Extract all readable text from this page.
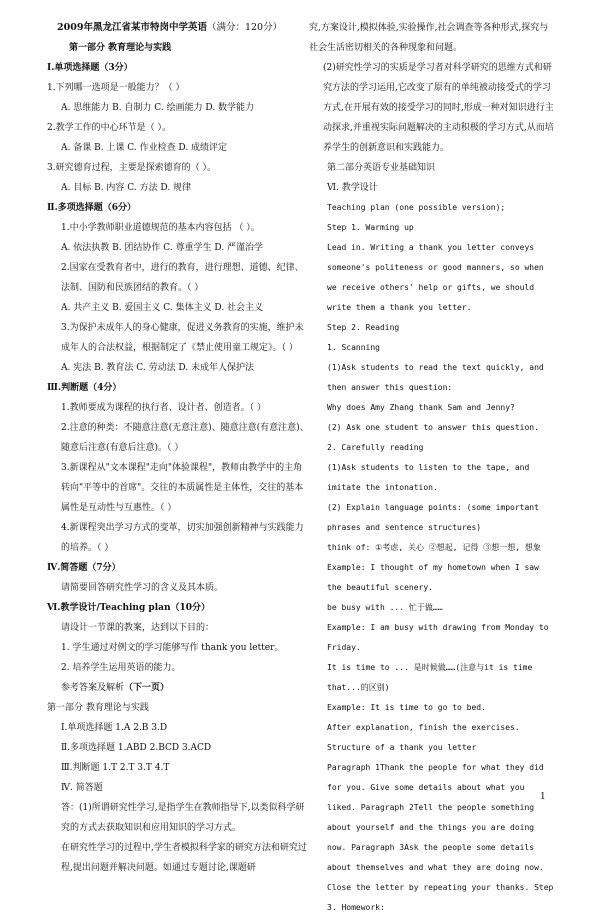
2009年黑龙江省某市特岗中学英语（满分：120分）
第一部分 教育理论与实践
I.单项选择题（3分）
1.下列哪一选项是一般能力？（ ）
A. 思维能力 B. 自制力 C. 绘画能力 D. 数学能力
2.教学工作的中心环节是（ ）。
A. 备课 B. 上课 C. 作业检查 D. 成绩评定
3.研究德育过程，主要是探索德育的（ ）。
A. 目标 B. 内容 C. 方法 D. 规律
Ⅱ.多项选择题（6分）
1.中小学教师职业道德规范的基本内容包括 （ ）。
A. 依法执教 B. 团结协作 C. 尊重学生 D. 严谨治学
2.国家在受教育者中，进行的教育，进行理想、道德、纪律、法制、国防和民族团结的教育。（ ）
A. 共产主义 B. 爱国主义 C. 集体主义 D. 社会主义
3.为保护未成年人的身心健康，促进义务教育的实施，维护未成年人的合法权益，根据制定了《禁止使用童工规定》。（ ）
A. 宪法 B. 教育法 C. 劳动法 D. 未成年人保护法
Ⅲ.判断题（4分）
1.教师要成为课程的执行者、设计者、创造者。（ ）
2.注意的种类：不随意注意(无意注意)、随意注意(有意注意)、随意后注意(有意后注意)。（ ）
3.新课程从"文本课程"走向"体验课程"，教师由教学中的主角转向"平等中的首席"。交往的本质属性是主体性，交往的基本属性是互动性与互惠性。（ ）
4.新课程突出学习方式的变革，切实加强创新精神与实践能力的培养。（ ）
Ⅳ.简答题（7分）
请简要回答研究性学习的含义及其本质。
Ⅵ.教学设计/Teaching plan（10分）
请设计一节课的教案，达到以下目的：
1. 学生通过对例文的学习能够写作 thank you letter。
2. 培养学生运用英语的能力。
参考答案及解析（下一页）
第一部分 教育理论与实践
Ⅰ.单项选择题 1.A 2.B 3.D
Ⅱ.多项选择题 1.ABD 2.BCD 3.ACD
Ⅲ.判断题 1.T 2.T 3.T 4.T
Ⅳ. 简答题
答：(1)所谓研究性学习,是指学生在教师指导下,以类似科学研究的方式去获取知识和应用知识的学习方式。
在研究性学习的过程中,学生者模拟科学家的研究方法和研究过程,提出问题并解决问题。如通过专题讨论,课题研
究,方案设计,模拟体验,实验操作,社会调查等各种形式,探究与社会生活密切相关的各种现象和问题。
(2)研究性学习的实质是学习者对科学研究的思维方式和研究方法的学习运用,它改变了原有的单纯被动接受式的学习方式,在开展有效的接受学习的同时,形成一种对知识进行主动探求,并重视实际问题解决的主动积极的学习方式,从而培养学生的创新意识和实践能力。
第二部分英语专业基础知识
Ⅵ. 教学设计
Teaching plan (one possible version);
Step 1. Warming up
Lead in. Writing a thank you letter conveys someone's politeness or good manners, so when we receive others' help or gifts, we should write them a thank you letter.
Step 2. Reading
1. Scanning
(1)Ask students to read the text quickly, and then answer this question:
Why does Amy Zhang thank Sam and Jenny?
(2) Ask one student to answer this question.
2. Carefully reading
(1)Ask students to listen to the tape, and imitate the intonation.
(2) Explain language points: (some important phrases and sentence structures)
think of: ①考虑, 关心 ②想起, 记得 ③想一想, 想象
Example: I thought of my hometown when I saw the beautiful scenery.
be busy with ... 忙于做……
Example: I am busy with drawing from Monday to Friday.
It is time to ... 是时候做……(注意与it is time that...的区别)
Example: It is time to go to bed.
After explanation, finish the exercises.
Structure of a thank you letter
Paragraph 1Thank the people for what they did for you. Give some details about what you liked. Paragraph 2Tell the people something about yourself and the things you are doing now. Paragraph 3Ask the people some details about themselves and what they are doing now. Close the letter by repeating your thanks. Step 3. Homework:
1
